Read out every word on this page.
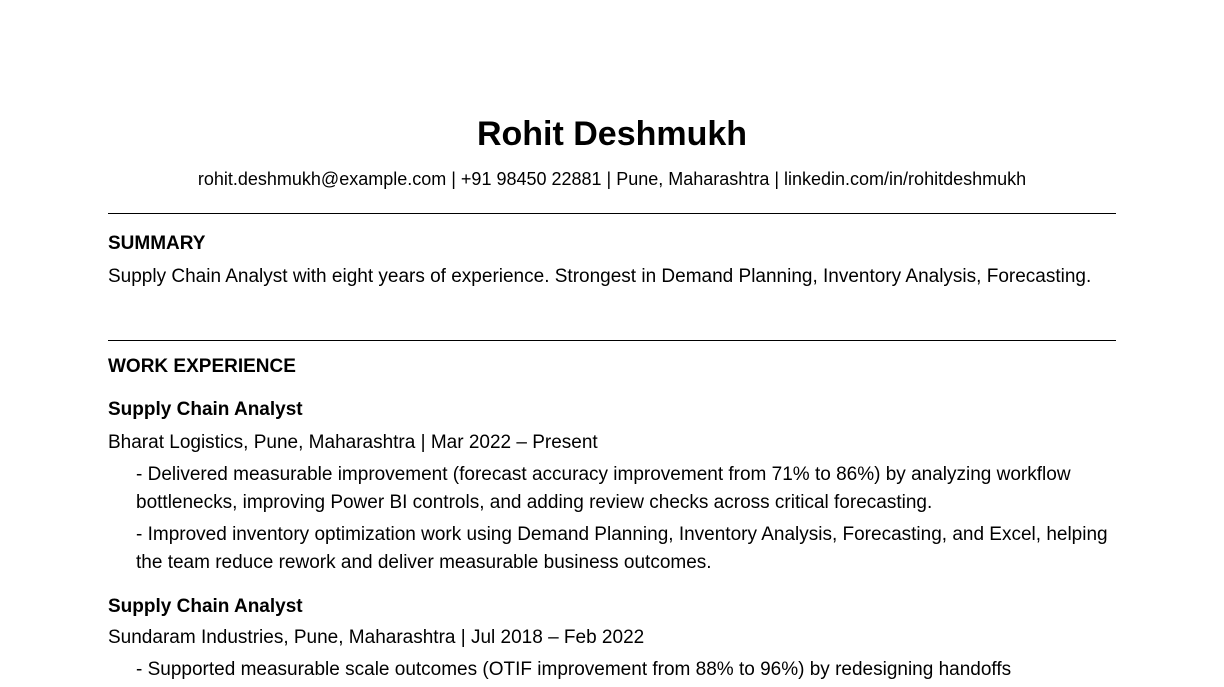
Rohit Deshmukh
rohit.deshmukh@example.com | +91 98450 22881 | Pune, Maharashtra | linkedin.com/in/rohitdeshmukh
SUMMARY
Supply Chain Analyst with eight years of experience. Strongest in Demand Planning, Inventory Analysis, Forecasting.
WORK EXPERIENCE
Supply Chain Analyst
Bharat Logistics, Pune, Maharashtra | Mar 2022 – Present
- Delivered measurable improvement (forecast accuracy improvement from 71% to 86%) by analyzing workflow bottlenecks, improving Power BI controls, and adding review checks across critical forecasting.
- Improved inventory optimization work using Demand Planning, Inventory Analysis, Forecasting, and Excel, helping the team reduce rework and deliver measurable business outcomes.
Supply Chain Analyst
Sundaram Industries, Pune, Maharashtra | Jul 2018 – Feb 2022
- Supported measurable scale outcomes (OTIF improvement from 88% to 96%) by redesigning handoffs
